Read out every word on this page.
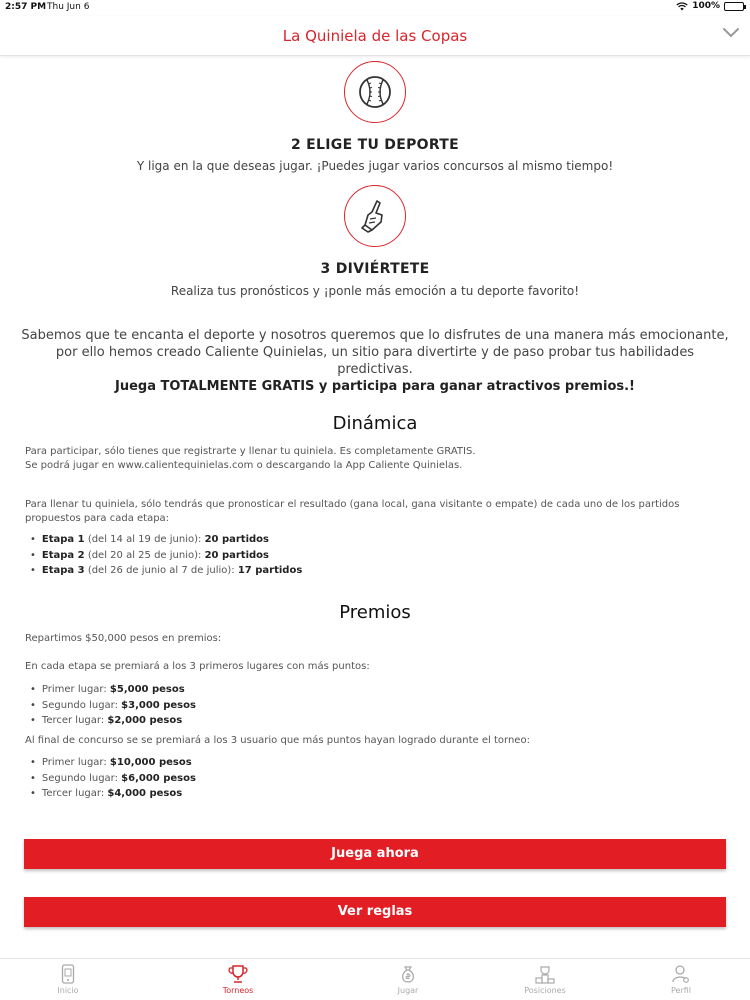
2:57 PM Thu Jun 6	100%
La Quiniela de las Copas
2 ELIGE TU DEPORTE
Y liga en la que deseas jugar. ¡Puedes jugar varios concursos al mismo tiempo!
3 DIVIÉRTETE
Realiza tus pronósticos y ¡ponle más emoción a tu deporte favorito!
Sabemos que te encanta el deporte y nosotros queremos que lo disfrutes de una manera más emocionante, por ello hemos creado Caliente Quinielas, un sitio para divertirte y de paso probar tus habilidades predictivas.
Juega TOTALMENTE GRATIS y participa para ganar atractivos premios.!
Dinámica
Para participar, sólo tienes que registrarte y llenar tu quiniela. Es completamente GRATIS.
Se podrá jugar en www.calientequinielas.com o descargando la App Caliente Quinielas.
Para llenar tu quiniela, sólo tendrás que pronosticar el resultado (gana local, gana visitante o empate) de cada uno de los partidos propuestos para cada etapa:
• Etapa 1 (del 14 al 19 de junio): 20 partidos
• Etapa 2 (del 20 al 25 de junio): 20 partidos
• Etapa 3 (del 26 de junio al 7 de julio): 17 partidos
Premios
Repartimos $50,000 pesos en premios:
En cada etapa se premiará a los 3 primeros lugares con más puntos:
• Primer lugar: $5,000 pesos
• Segundo lugar: $3,000 pesos
• Tercer lugar: $2,000 pesos
Al final de concurso se se premiará a los 3 usuario que más puntos hayan logrado durante el torneo:
• Primer lugar: $10,000 pesos
• Segundo lugar: $6,000 pesos
• Tercer lugar: $4,000 pesos
Juega ahora
Ver reglas
Inicio	Torneos	Jugar	Posiciones	Perfil
